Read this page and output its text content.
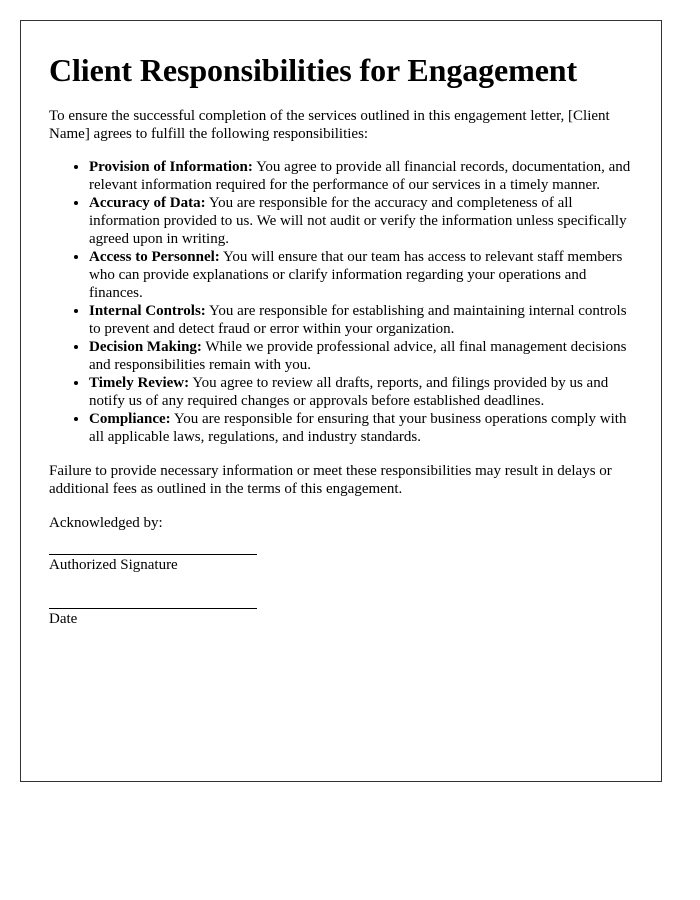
Client Responsibilities for Engagement

To ensure the successful completion of the services outlined in this engagement letter, [Client Name] agrees to fulfill the following responsibilities:

• Provision of Information: You agree to provide all financial records, documentation, and relevant information required for the performance of our services in a timely manner.
• Accuracy of Data: You are responsible for the accuracy and completeness of all information provided to us. We will not audit or verify the information unless specifically agreed upon in writing.
• Access to Personnel: You will ensure that our team has access to relevant staff members who can provide explanations or clarify information regarding your operations and finances.
• Internal Controls: You are responsible for establishing and maintaining internal controls to prevent and detect fraud or error within your organization.
• Decision Making: While we provide professional advice, all final management decisions and responsibilities remain with you.
• Timely Review: You agree to review all drafts, reports, and filings provided by us and notify us of any required changes or approvals before established deadlines.
• Compliance: You are responsible for ensuring that your business operations comply with all applicable laws, regulations, and industry standards.

Failure to provide necessary information or meet these responsibilities may result in delays or additional fees as outlined in the terms of this engagement.

Acknowledged by:

Authorized Signature

Date
